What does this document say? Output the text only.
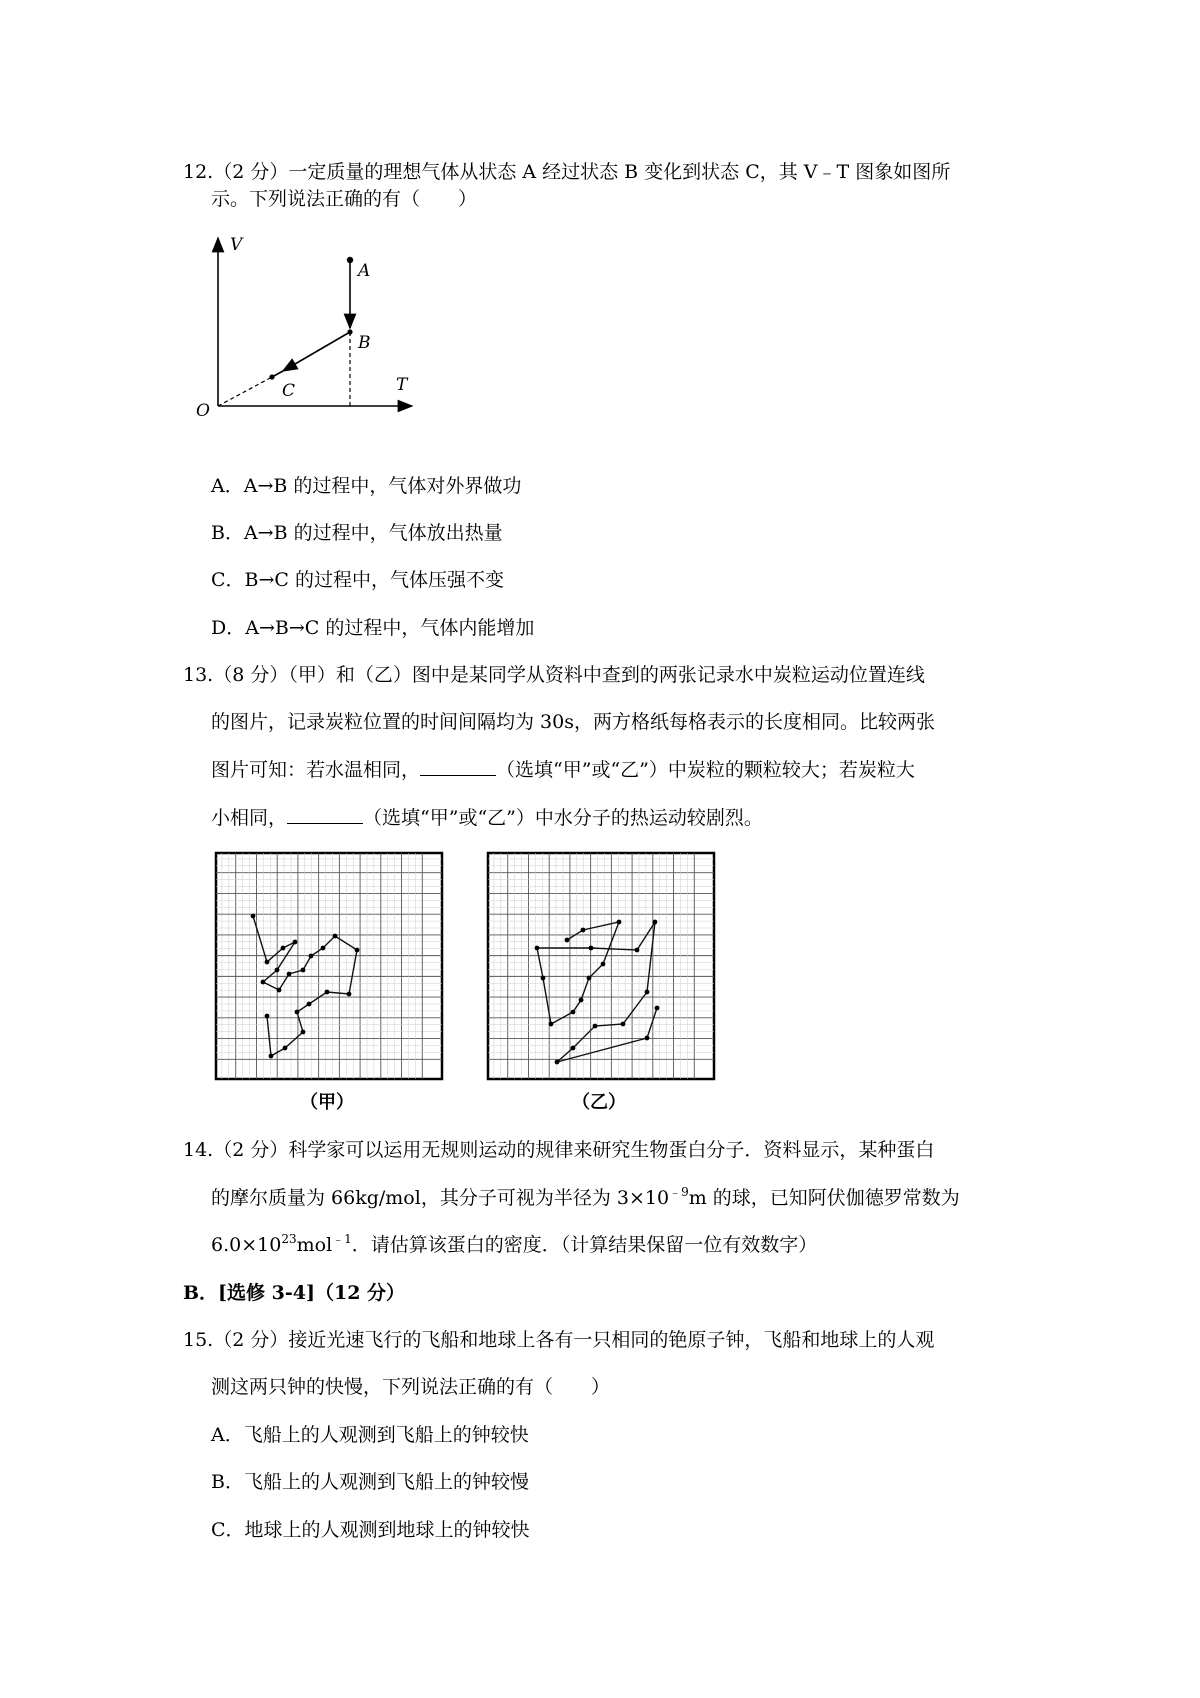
12.（2 分）一定质量的理想气体从状态 A 经过状态 B 变化到状态 C，其 V﹣T 图象如图所
示。下列说法正确的有（　　）
V
T
O
A
B
C
A．A→B 的过程中，气体对外界做功
B．A→B 的过程中，气体放出热量
C．B→C 的过程中，气体压强不变
D．A→B→C 的过程中，气体内能增加
13.（8 分）（甲）和（乙）图中是某同学从资料中查到的两张记录水中炭粒运动位置连线
的图片，记录炭粒位置的时间间隔均为 30s，两方格纸每格表示的长度相同。比较两张
图片可知：若水温相同，	（选填“甲”或“乙”）中炭粒的颗粒较大；若炭粒大
小相同，	（选填“甲”或“乙”）中水分子的热运动较剧烈。
（甲）	（乙）
14.（2 分）科学家可以运用无规则运动的规律来研究生物蛋白分子．资料显示，某种蛋白
的摩尔质量为 66kg/mol，其分子可视为半径为 $3\times 10^{﹣9}m$ 的球，已知阿伏伽德罗常数为
$6.0\times 10^{23}mol^{﹣1}$．请估算该蛋白的密度．（计算结果保留一位有效数字）
B．[选修 3-4]（12 分）
15.（2 分）接近光速飞行的飞船和地球上各有一只相同的铯原子钟，飞船和地球上的人观
测这两只钟的快慢，下列说法正确的有（　　）
A．飞船上的人观测到飞船上的钟较快
B．飞船上的人观测到飞船上的钟较慢
C．地球上的人观测到地球上的钟较快
